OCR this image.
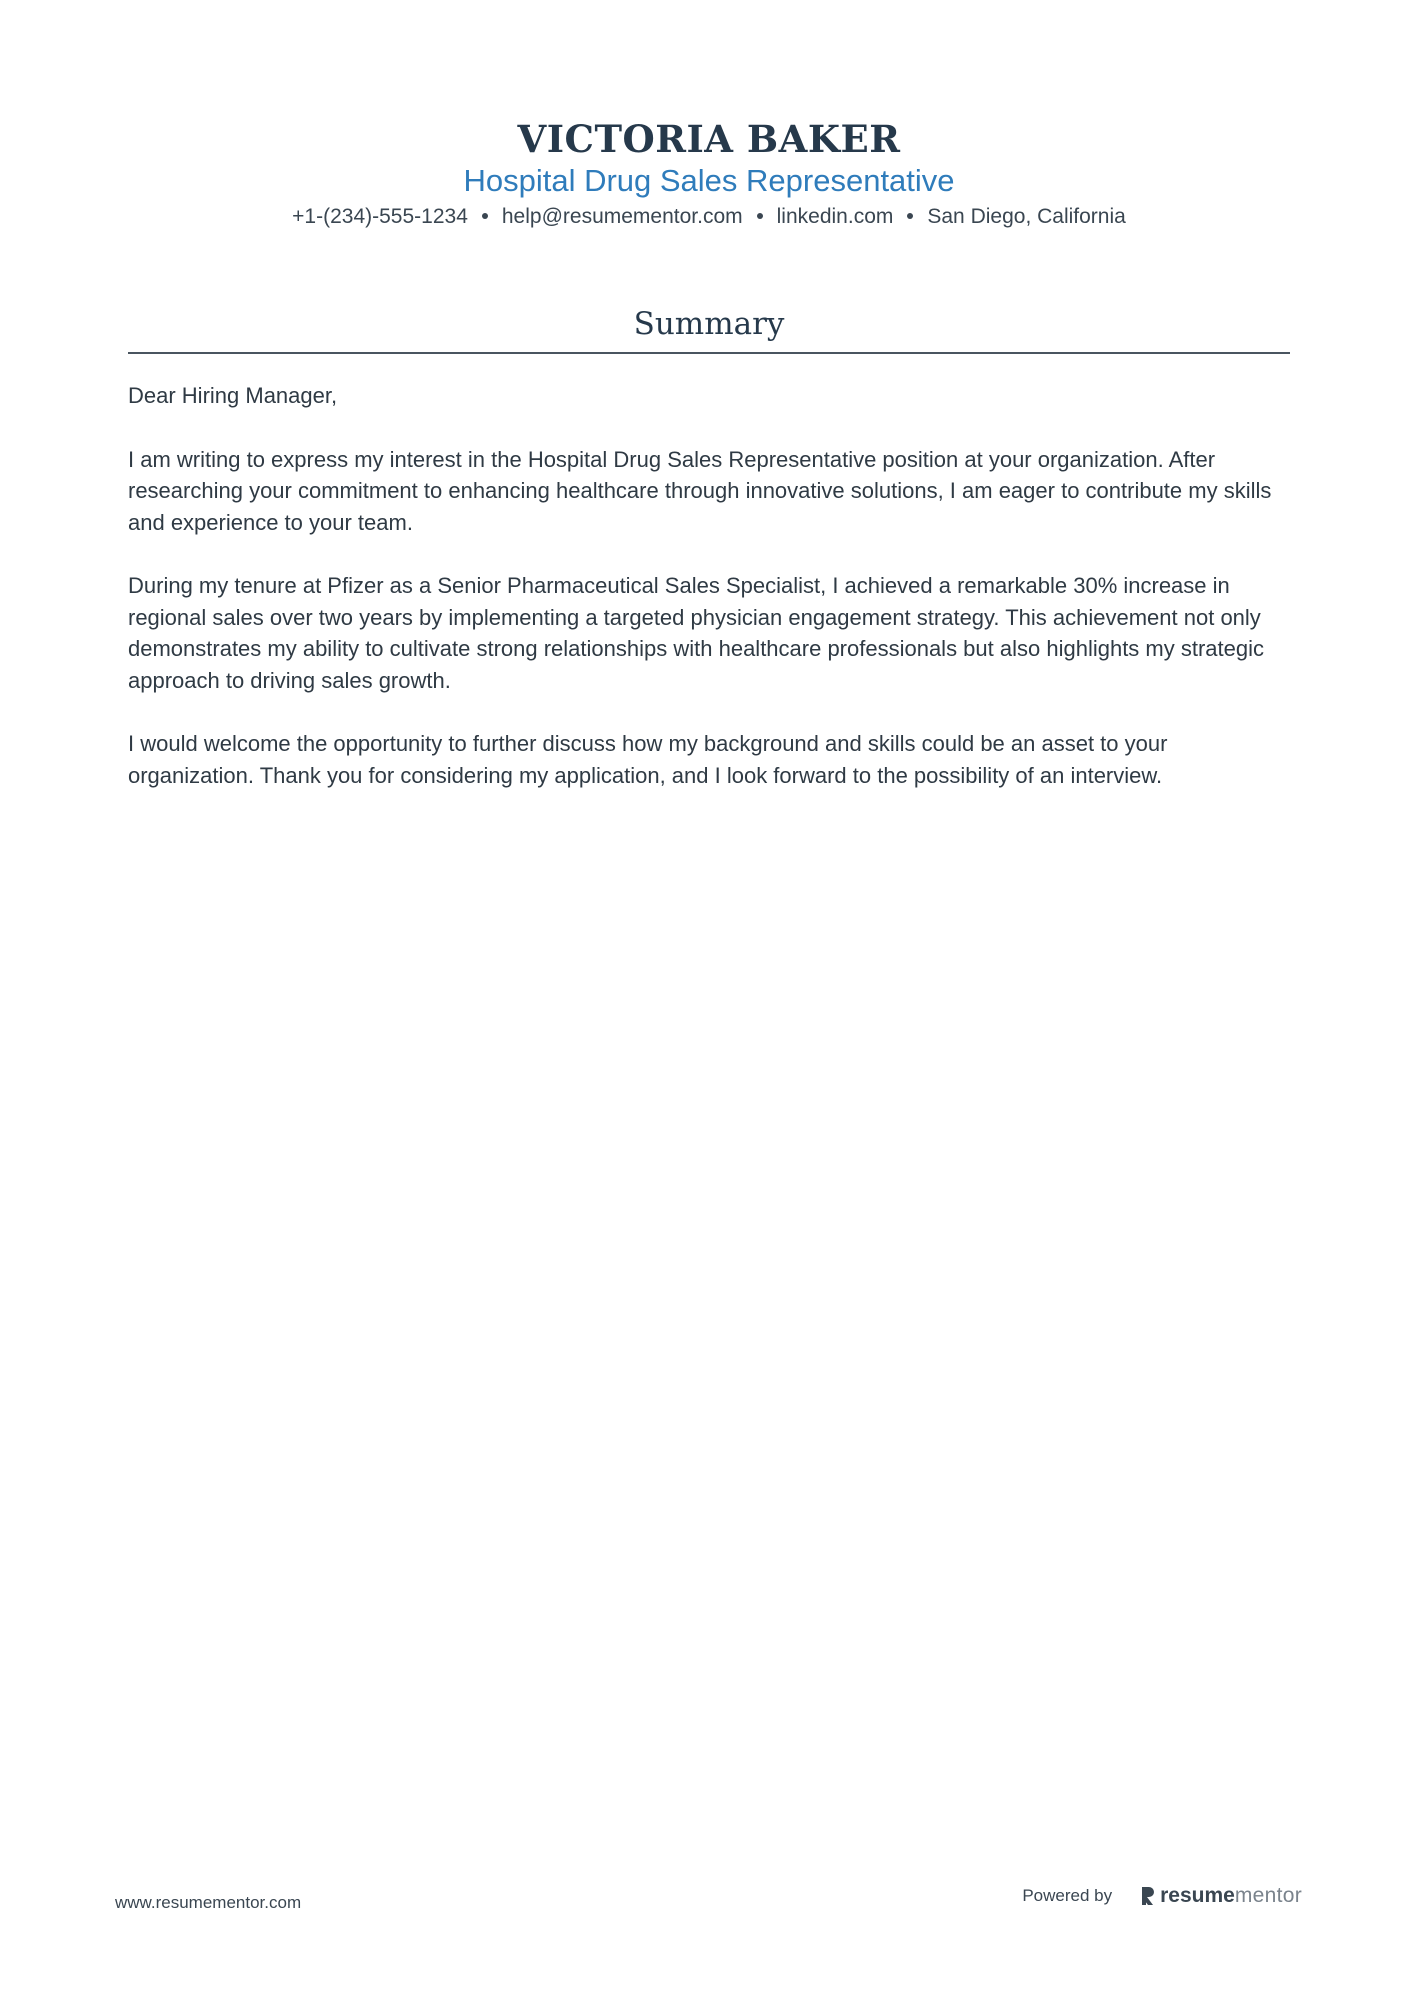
VICTORIA BAKER
Hospital Drug Sales Representative
+1-(234)-555-1234 help@resumementor.com linkedin.com San Diego, California
Summary

Dear Hiring Manager,

I am writing to express my interest in the Hospital Drug Sales Representative position at your organization. After researching your commitment to enhancing healthcare through innovative solutions, I am eager to contribute my skills and experience to your team.

During my tenure at Pfizer as a Senior Pharmaceutical Sales Specialist, I achieved a remarkable 30% increase in regional sales over two years by implementing a targeted physician engagement strategy. This achievement not only demonstrates my ability to cultivate strong relationships with healthcare professionals but also highlights my strategic approach to driving sales growth.

I would welcome the opportunity to further discuss how my background and skills could be an asset to your organization. Thank you for considering my application, and I look forward to the possibility of an interview.

www.resumementor.com	Powered by resume mentor
